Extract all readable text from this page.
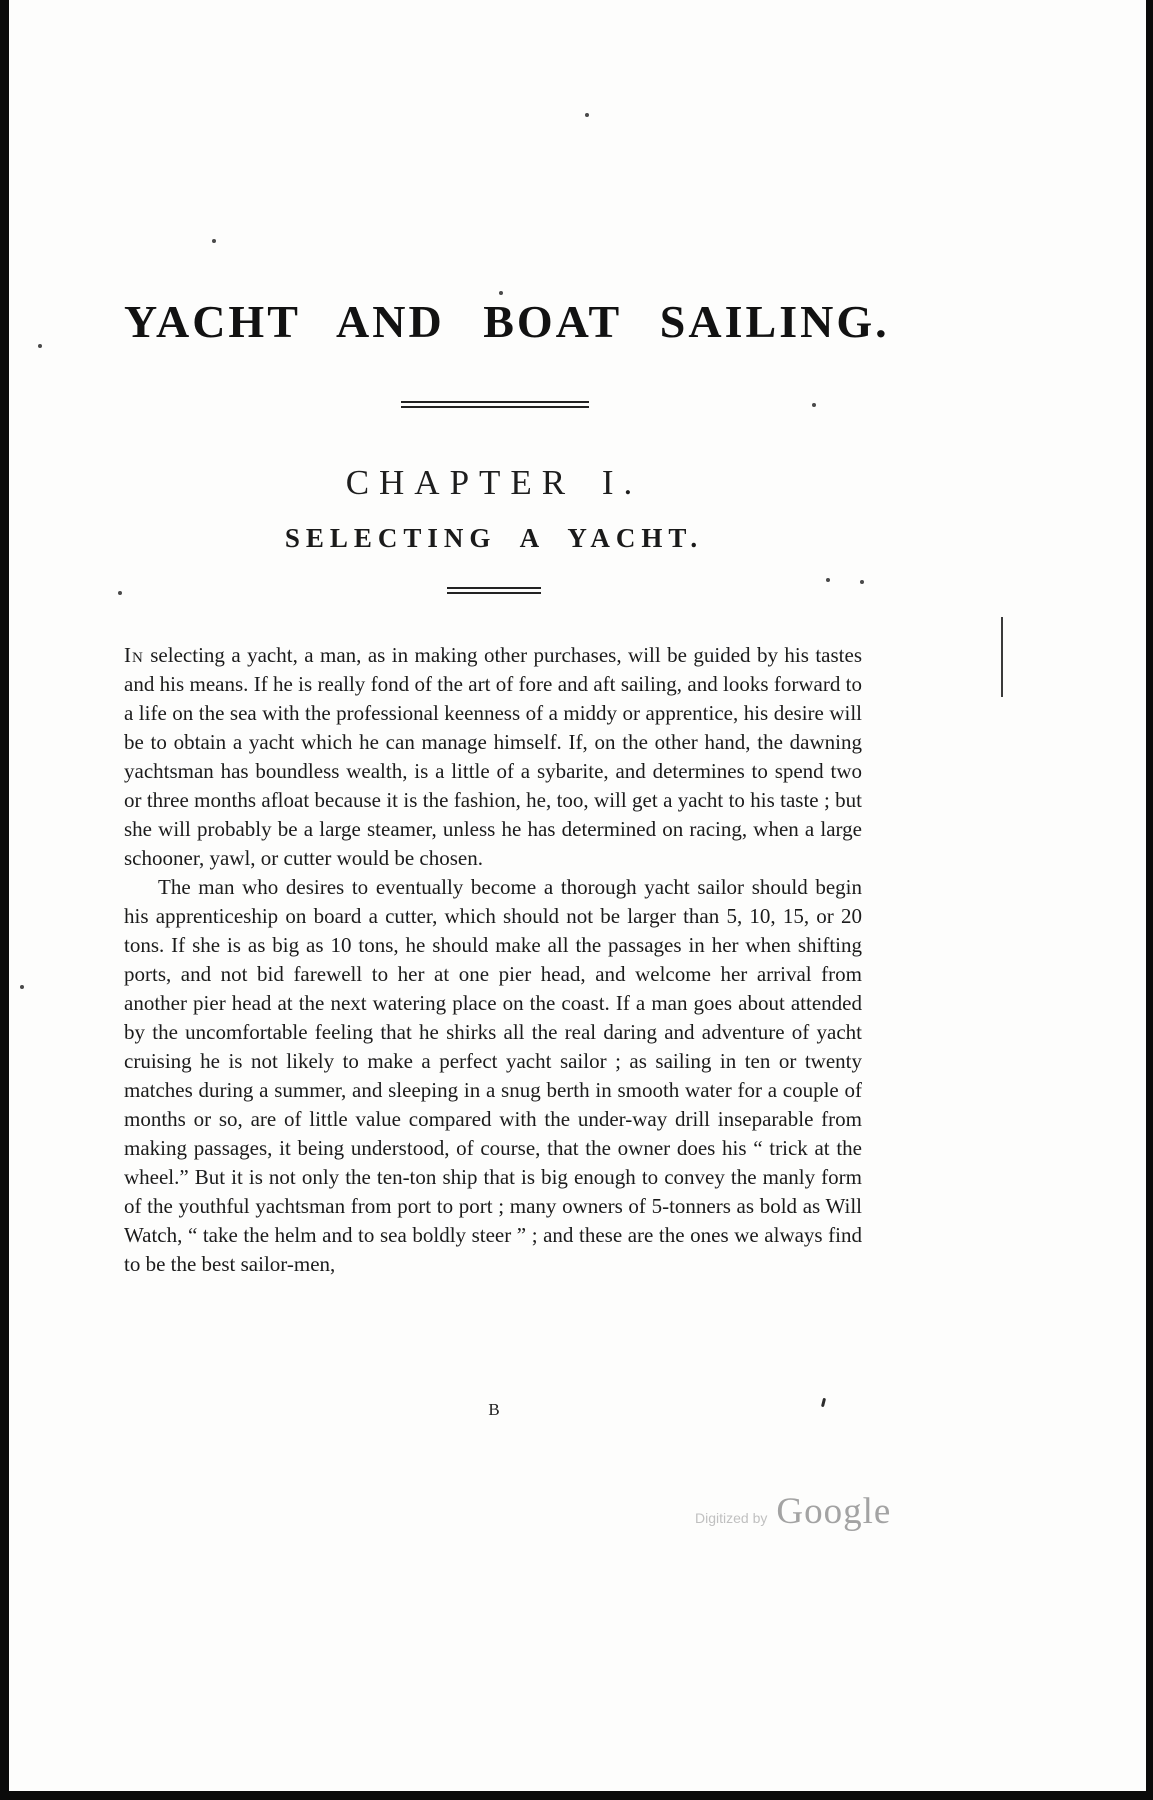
YACHT AND BOAT SAILING.
CHAPTER I.
SELECTING A YACHT.

In selecting a yacht, a man, as in making other purchases, will be guided by his tastes and his means. If he is really fond of the art of fore and aft sailing, and looks forward to a life on the sea with the professional keenness of a middy or apprentice, his desire will be to obtain a yacht which he can manage himself. If, on the other hand, the dawning yachtsman has boundless wealth, is a little of a sybarite, and determines to spend two or three months afloat because it is the fashion, he, too, will get a yacht to his taste ; but she will probably be a large steamer, unless he has determined on racing, when a large schooner, yawl, or cutter would be chosen.

The man who desires to eventually become a thorough yacht sailor should begin his apprenticeship on board a cutter, which should not be larger than 5, 10, 15, or 20 tons. If she is as big as 10 tons, he should make all the passages in her when shifting ports, and not bid farewell to her at one pier head, and welcome her arrival from another pier head at the next watering place on the coast. If a man goes about attended by the uncomfortable feeling that he shirks all the real daring and adventure of yacht cruising he is not likely to make a perfect yacht sailor ; as sailing in ten or twenty matches during a summer, and sleeping in a snug berth in smooth water for a couple of months or so, are of little value compared with the under-way drill inseparable from making passages, it being understood, of course, that the owner does his “ trick at the wheel.” But it is not only the ten-ton ship that is big enough to convey the manly form of the youthful yachtsman from port to port ; many owners of 5-tonners as bold as Will Watch, “ take the helm and to sea boldly steer ” ; and these are the ones we always find to be the best sailor-men,

B
Digitized by Google
